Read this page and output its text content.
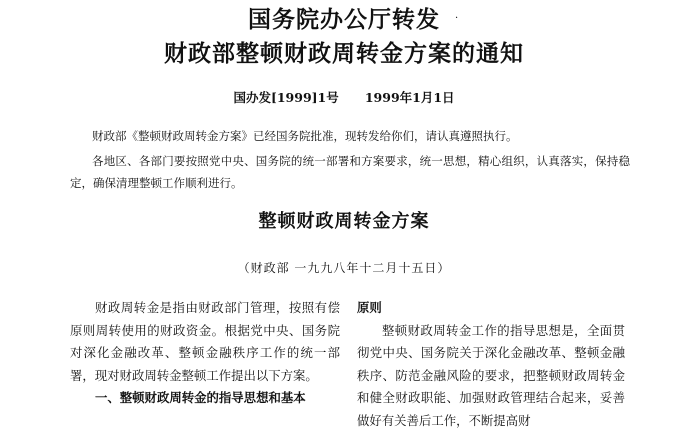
国务院办公厅转发	·
财政部整顿财政周转金方案的通知
国办发[1999]1号      1999年1月1日
财政部《整顿财政周转金方案》已经国务院批准，现转发给你们，请认真遵照执行。
各地区、各部门要按照党中央、国务院的统一部署和方案要求，统一思想，精心组织，认真落实，保持稳定，确保清理整顿工作顺利进行。
整顿财政周转金方案
（财政部 一九九八年十二月十五日）
财政周转金是指由财政部门管理，按照有偿原则周转使用的财政资金。根据党中央、国务院对深化金融改革、整顿金融秩序工作的统一部署，现对财政周转金整顿工作提出以下方案。
一、整顿财政周转金的指导思想和基本
原则
整顿财政周转金工作的指导思想是，全面贯彻党中央、国务院关于深化金融改革、整顿金融秩序、防范金融风险的要求，把整顿财政周转金和健全财政职能、加强财政管理结合起来，妥善做好有关善后工作，不断提高财
